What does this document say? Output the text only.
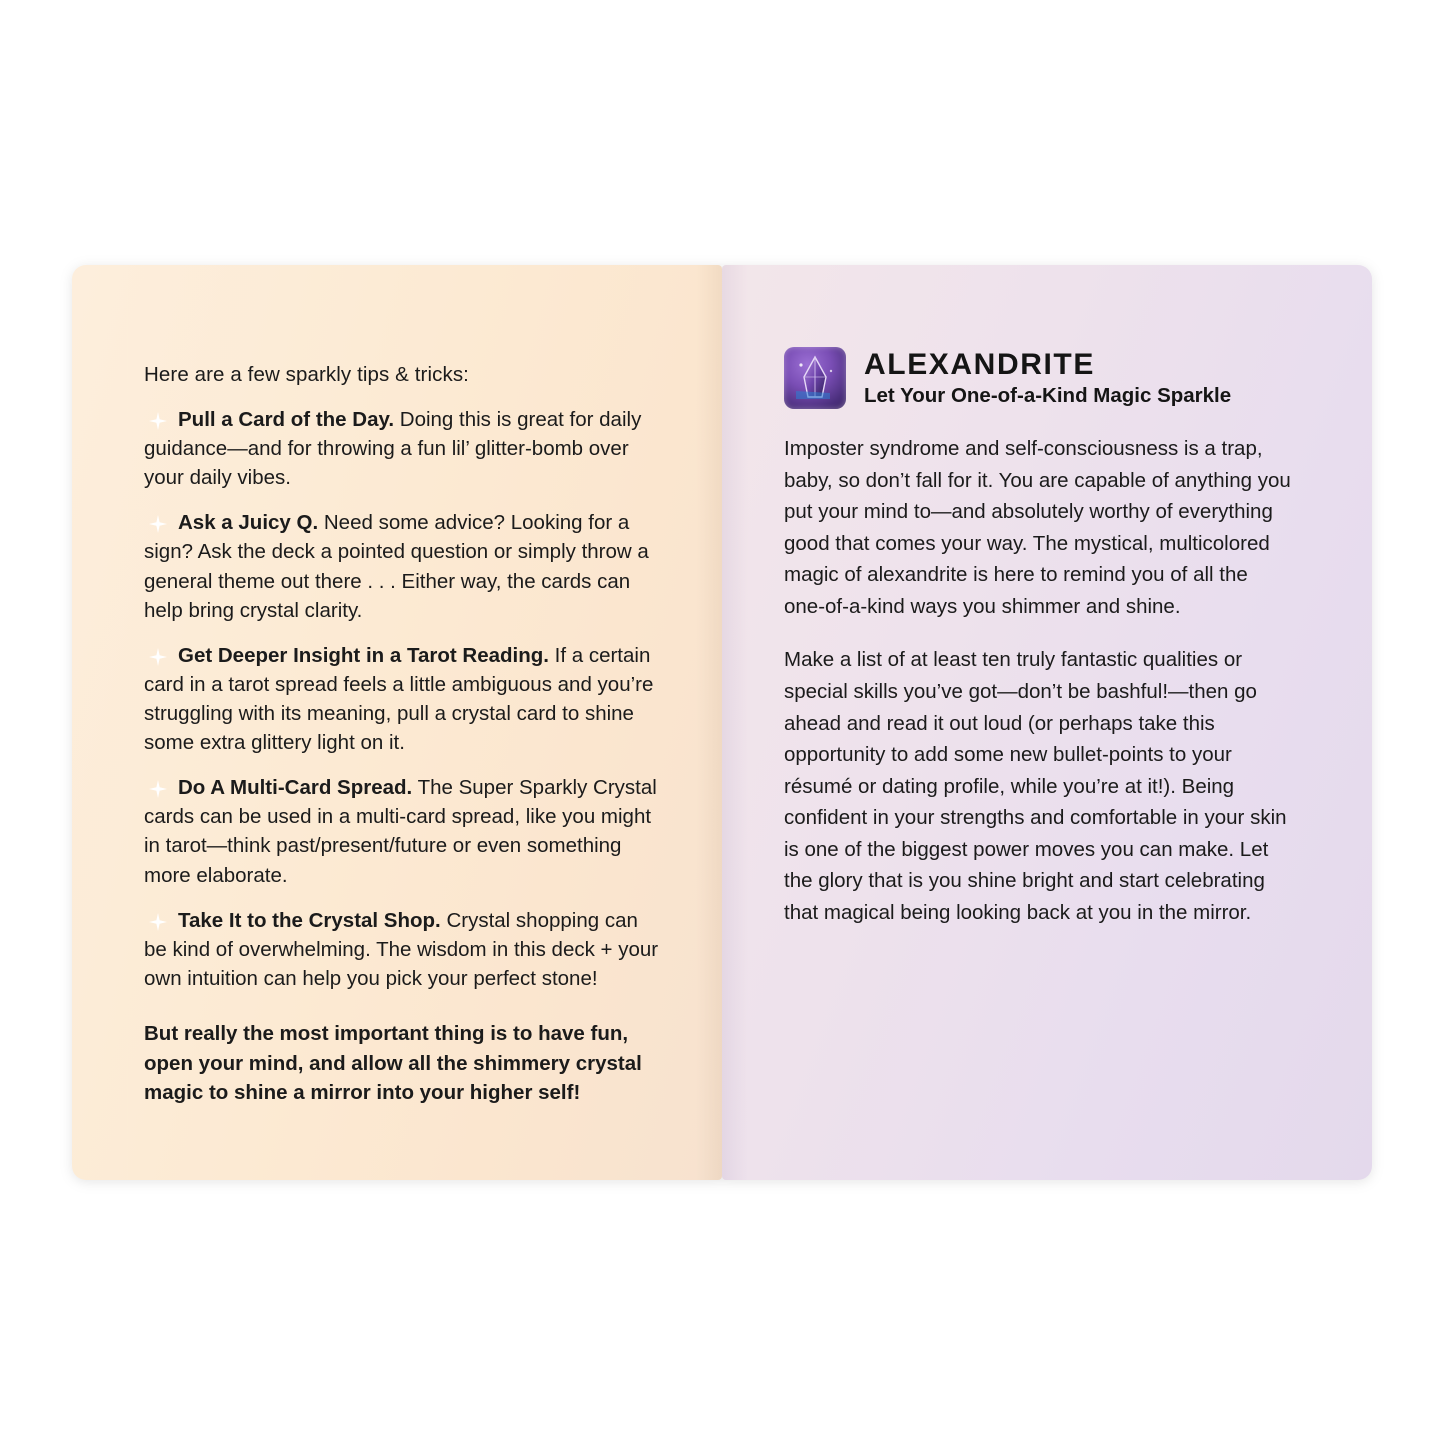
Here are a few sparkly tips & tricks:

Pull a Card of the Day. Doing this is great for daily guidance—and for throwing a fun lil’ glitter-bomb over your daily vibes.

Ask a Juicy Q. Need some advice? Looking for a sign? Ask the deck a pointed question or simply throw a general theme out there . . . Either way, the cards can help bring crystal clarity.

Get Deeper Insight in a Tarot Reading. If a certain card in a tarot spread feels a little ambiguous and you’re struggling with its meaning, pull a crystal card to shine some extra glittery light on it.

Do A Multi-Card Spread. The Super Sparkly Crystal cards can be used in a multi-card spread, like you might in tarot—think past/present/future or even something more elaborate.

Take It to the Crystal Shop. Crystal shopping can be kind of overwhelming. The wisdom in this deck + your own intuition can help you pick your perfect stone!

But really the most important thing is to have fun, open your mind, and allow all the shimmery crystal magic to shine a mirror into your higher self!

ALEXANDRITE
Let Your One-of-a-Kind Magic Sparkle

Imposter syndrome and self-consciousness is a trap, baby, so don’t fall for it. You are capable of anything you put your mind to—and absolutely worthy of everything good that comes your way. The mystical, multicolored magic of alexandrite is here to remind you of all the one-of-a-kind ways you shimmer and shine.

Make a list of at least ten truly fantastic qualities or special skills you’ve got—don’t be bashful!—then go ahead and read it out loud (or perhaps take this opportunity to add some new bullet-points to your résumé or dating profile, while you’re at it!). Being confident in your strengths and comfortable in your skin is one of the biggest power moves you can make. Let the glory that is you shine bright and start celebrating that magical being looking back at you in the mirror.
